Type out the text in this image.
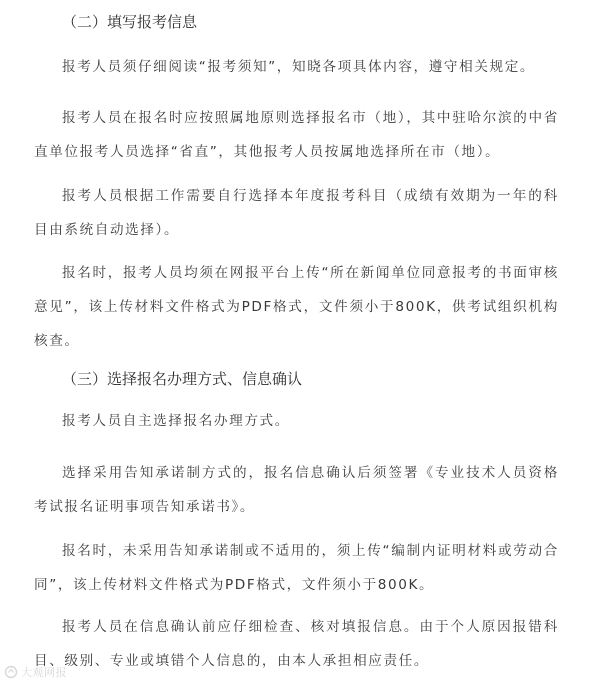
（二）填写报考信息
报考人员须仔细阅读“报考须知”，知晓各项具体内容，遵守相关规定。
报考人员在报名时应按照属地原则选择报名市（地），其中驻哈尔滨的中省直单位报考人员选择“省直”，其他报考人员按属地选择所在市（地）。
报考人员根据工作需要自行选择本年度报考科目（成绩有效期为一年的科目由系统自动选择）。
报名时，报考人员均须在网报平台上传“所在新闻单位同意报考的书面审核意见”，该上传材料文件格式为PDF格式，文件须小于800K，供考试组织机构核查。
（三）选择报名办理方式、信息确认
报考人员自主选择报名办理方式。
选择采用告知承诺制方式的，报名信息确认后须签署《专业技术人员资格考试报名证明事项告知承诺书》。
报名时，未采用告知承诺制或不适用的，须上传“编制内证明材料或劳动合同”，该上传材料文件格式为PDF格式，文件须小于800K。
报考人员在信息确认前应仔细检查、核对填报信息。由于个人原因报错科目、级别、专业或填错个人信息的，由本人承担相应责任。
大观网报
